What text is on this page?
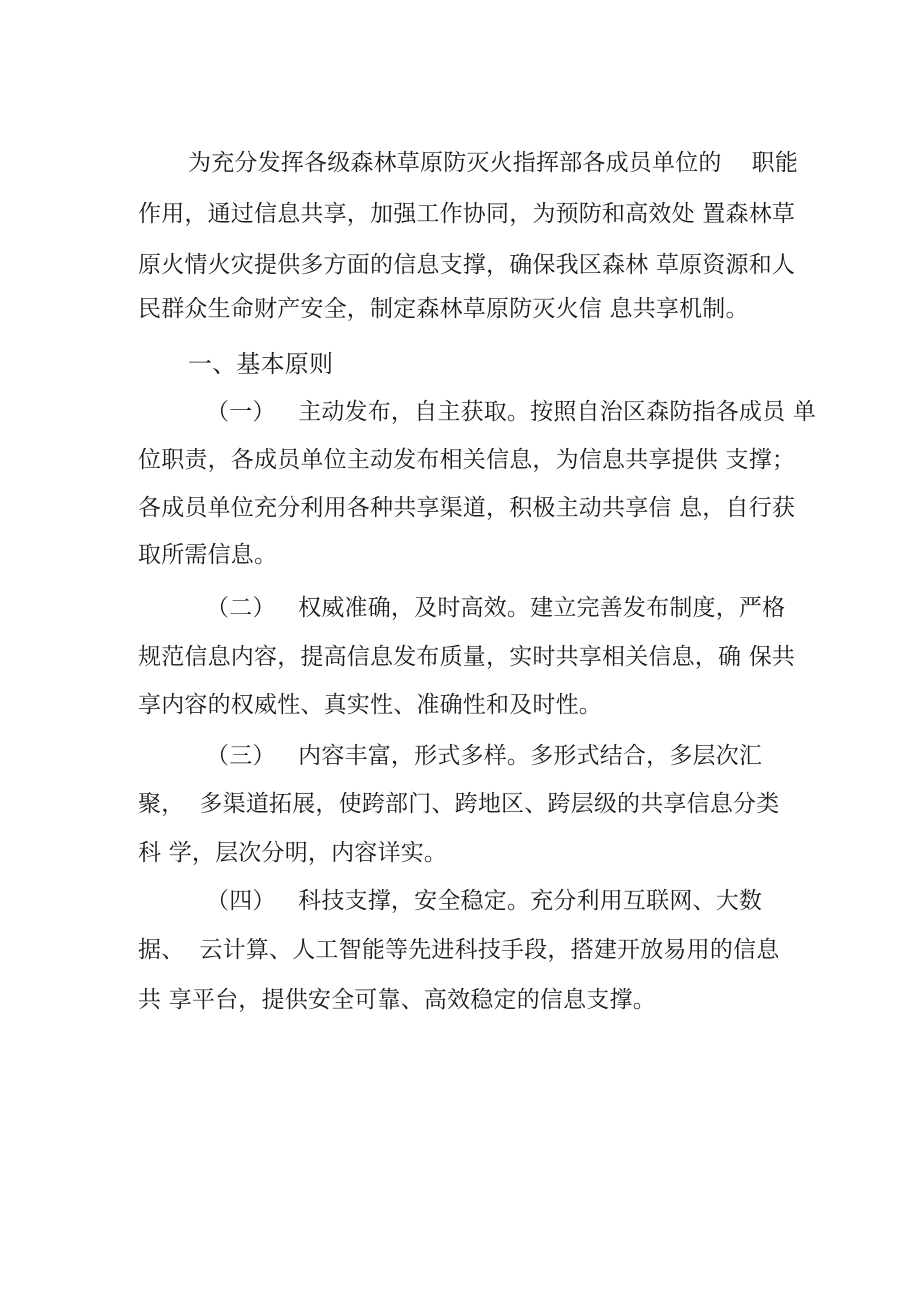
为充分发挥各级森林草原防灭火指挥部各成员单位的    职能
作用，通过信息共享，加强工作协同，为预防和高效处 置森林草
原火情火灾提供多方面的信息支撑，确保我区森林 草原资源和人
民群众生命财产安全，制定森林草原防灭火信 息共享机制。
一、基本原则
（一）   主动发布，自主获取。按照自治区森防指各成员 单
位职责，各成员单位主动发布相关信息，为信息共享提供 支撑；
各成员单位充分利用各种共享渠道，积极主动共享信 息，自行获
取所需信息。
（二）   权威准确，及时高效。建立完善发布制度，严格
规范信息内容，提高信息发布质量，实时共享相关信息，确 保共
享内容的权威性、真实性、准确性和及时性。
（三）   内容丰富，形式多样。多形式结合，多层次汇
聚，  多渠道拓展，使跨部门、跨地区、跨层级的共享信息分类
科 学，层次分明，内容详实。
（四）   科技支撑，安全稳定。充分利用互联网、大数
据、  云计算、人工智能等先进科技手段，搭建开放易用的信息
共 享平台，提供安全可靠、高效稳定的信息支撑。
